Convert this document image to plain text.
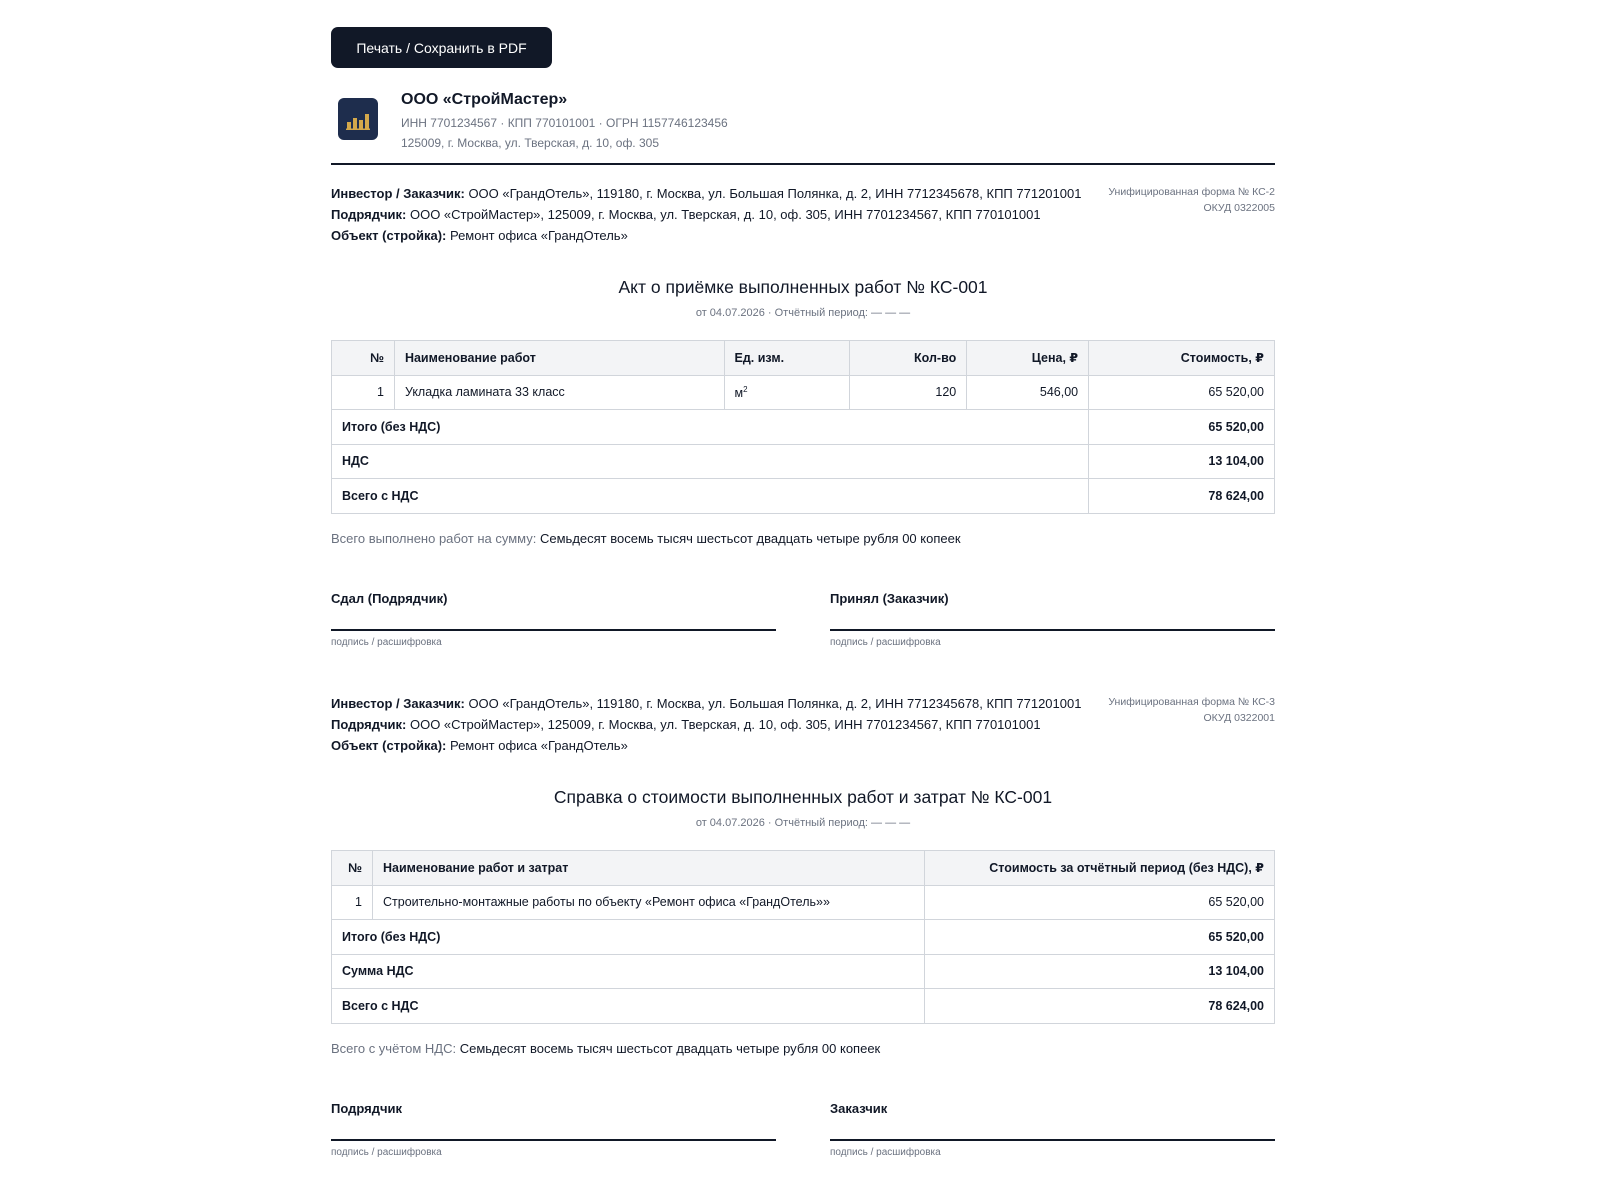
Печать / Сохранить в PDF
ООО «СтройМастер»
ИНН 7701234567 · КПП 770101001 · ОГРН 1157746123456
125009, г. Москва, ул. Тверская, д. 10, оф. 305
Инвестор / Заказчик: ООО «ГрандОтель», 119180, г. Москва, ул. Большая Полянка, д. 2, ИНН 7712345678, КПП 771201001
Подрядчик: ООО «СтройМастер», 125009, г. Москва, ул. Тверская, д. 10, оф. 305, ИНН 7701234567, КПП 770101001
Объект (стройка): Ремонт офиса «ГрандОтель»
Унифицированная форма № КС-2
ОКУД 0322005
Акт о приёмке выполненных работ № КС-001
от 04.07.2026 · Отчётный период: — — —
№	Наименование работ	Ед. изм.	Кол-во	Цена, ₽	Стоимость, ₽
1	Укладка ламината 33 класс	$м^2$	120	546,00	65 520,00
Итого (без НДС)					65 520,00
НДС					13 104,00
Всего с НДС					78 624,00
Всего выполнено работ на сумму: Семьдесят восемь тысяч шестьсот двадцать четыре рубля 00 копеек
Сдал (Подрядчик)
подпись / расшифровка
Принял (Заказчик)
подпись / расшифровка
Инвестор / Заказчик: ООО «ГрандОтель», 119180, г. Москва, ул. Большая Полянка, д. 2, ИНН 7712345678, КПП 771201001
Подрядчик: ООО «СтройМастер», 125009, г. Москва, ул. Тверская, д. 10, оф. 305, ИНН 7701234567, КПП 770101001
Объект (стройка): Ремонт офиса «ГрандОтель»
Унифицированная форма № КС-3
ОКУД 0322001
Справка о стоимости выполненных работ и затрат № КС-001
от 04.07.2026 · Отчётный период: — — —
№	Наименование работ и затрат	Стоимость за отчётный период (без НДС), ₽
1	Строительно-монтажные работы по объекту «Ремонт офиса «ГрандОтель»»	65 520,00
Итого (без НДС)		65 520,00
Сумма НДС		13 104,00
Всего с НДС		78 624,00
Всего с учётом НДС: Семьдесят восемь тысяч шестьсот двадцать четыре рубля 00 копеек
Подрядчик
подпись / расшифровка
Заказчик
подпись / расшифровка
